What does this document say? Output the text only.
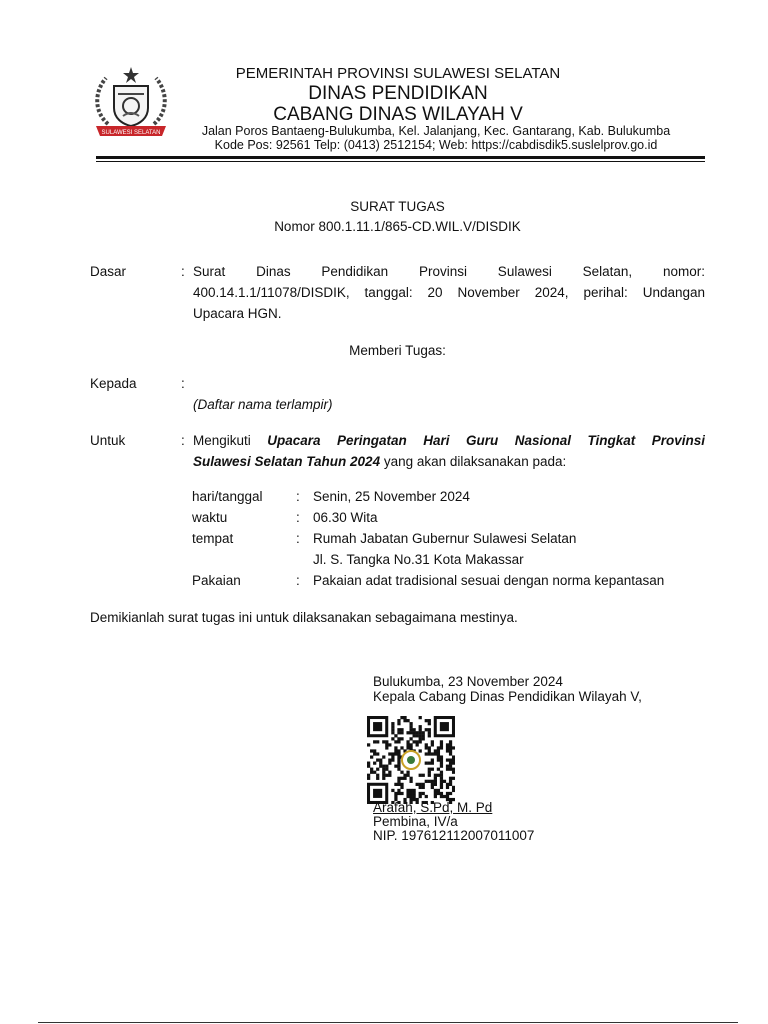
SULAWESI SELATAN
PEMERINTAH PROVINSI SULAWESI SELATAN
DINAS PENDIDIKAN
CABANG DINAS WILAYAH V
Jalan Poros Bantaeng-Bulukumba, Kel. Jalanjang, Kec. Gantarang, Kab. Bulukumba
Kode Pos: 92561 Telp: (0413) 2512154; Web: https://cabdisdik5.suslelprov.go.id
SURAT TUGAS
Nomor 800.1.11.1/865-CD.WIL.V/DISDIK
Dasar	: Surat Dinas Pendidikan Provinsi Sulawesi Selatan, nomor:
400.14.1.1/11078/DISDIK, tanggal: 20 November 2024, perihal: Undangan
Upacara HGN.
Memberi Tugas:
Kepada	:
(Daftar nama terlampir)
Untuk	: Mengikuti Upacara Peringatan Hari Guru Nasional Tingkat Provinsi
Sulawesi Selatan Tahun 2024 yang akan dilaksanakan pada:
hari/tanggal : Senin, 25 November 2024
waktu	: 06.30 Wita
tempat	: Rumah Jabatan Gubernur Sulawesi Selatan
Jl. S. Tangka No.31 Kota Makassar
Pakaian	: Pakaian adat tradisional sesuai dengan norma kepantasan
Demikianlah surat tugas ini untuk dilaksanakan sebagaimana mestinya.
Bulukumba, 23 November 2024
Kepala Cabang Dinas Pendidikan Wilayah V,
Arafah, S.Pd, M. Pd
Pembina, IV/a
NIP. 197612112007011007
